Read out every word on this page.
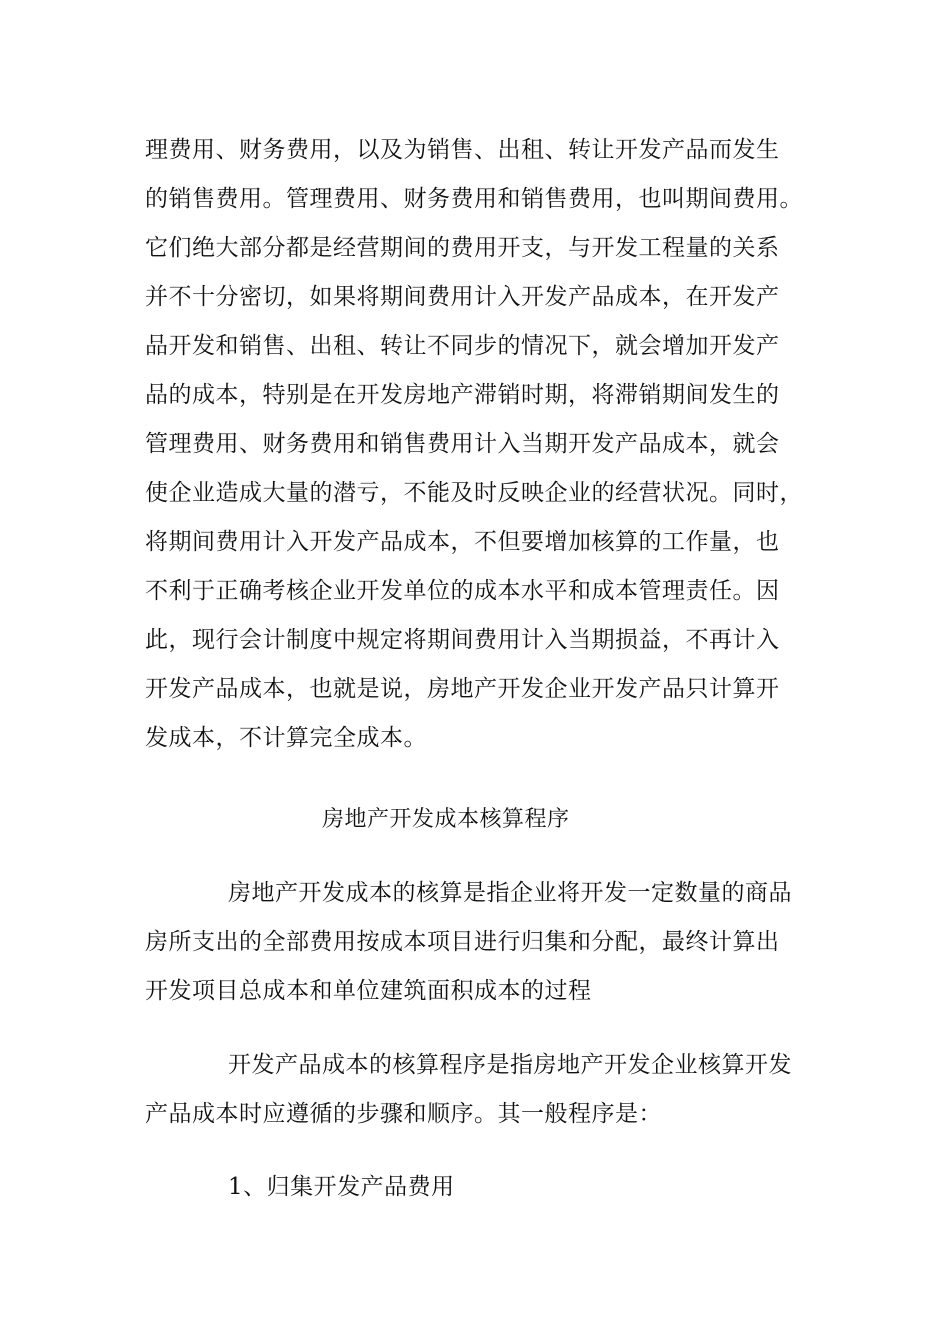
理费用、财务费用，以及为销售、出租、转让开发产品而发生
的销售费用。管理费用、财务费用和销售费用，也叫期间费用。
它们绝大部分都是经营期间的费用开支，与开发工程量的关系
并不十分密切，如果将期间费用计入开发产品成本，在开发产
品开发和销售、出租、转让不同步的情况下，就会增加开发产
品的成本，特别是在开发房地产滞销时期，将滞销期间发生的
管理费用、财务费用和销售费用计入当期开发产品成本，就会
使企业造成大量的潜亏，不能及时反映企业的经营状况。同时，
将期间费用计入开发产品成本，不但要增加核算的工作量，也
不利于正确考核企业开发单位的成本水平和成本管理责任。因
此，现行会计制度中规定将期间费用计入当期损益，不再计入
开发产品成本，也就是说，房地产开发企业开发产品只计算开
发成本，不计算完全成本。
房地产开发成本核算程序
房地产开发成本的核算是指企业将开发一定数量的商品
房所支出的全部费用按成本项目进行归集和分配，最终计算出
开发项目总成本和单位建筑面积成本的过程
开发产品成本的核算程序是指房地产开发企业核算开发
产品成本时应遵循的步骤和顺序。其一般程序是：
1、归集开发产品费用
